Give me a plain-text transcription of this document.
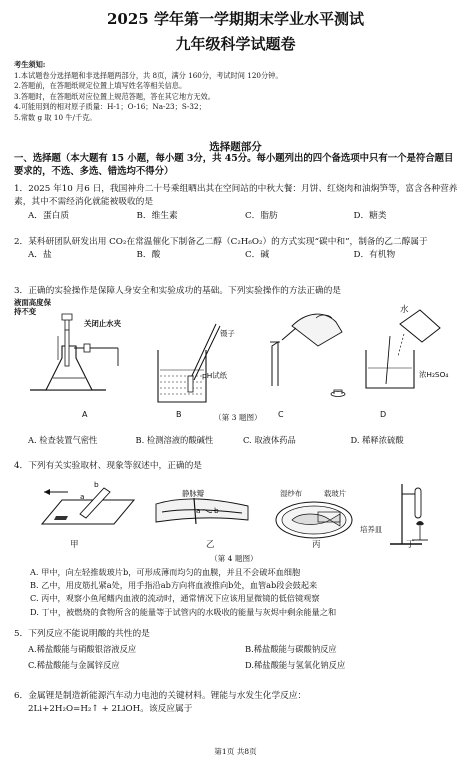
2025 学年第一学期期末学业水平测试
九年级科学试题卷
考生须知:
1.本试题卷分选择题和非选择题两部分，共 8页，满分 160分，考试时间 120分钟。
2.答题前，在答题纸规定位置上填写姓名等相关信息。
3.答题时，在答题纸对应位置上规范答题，答在其它地方无效。
4.可能用到的相对原子质量：H-1；O-16；Na-23；S-32；
5.常数 g 取 10 牛/千克。
选择题部分
一、选择题（本大题有 15 小题，每小题 3分，共 45分。每小题列出的四个备选项中只有一个是符合题目要求的，不选、多选、错选均不得分）
1．2025 年10 月6 日，我国神舟二十号乘组晒出其在空间站的中秋大餐：月饼、红烧肉和油焖笋等，富含各种营养素，其中不需经消化就能被吸收的是
A．蛋白质	B．维生素	C．脂肪	D．糖类
2．某科研团队研发出用 CO₂在常温催化下制备乙二醇（C₂H₆O₂）的方式实现“碳中和”，制备的乙二醇属于
A．盐	B．酸	C．碱	D．有机物
3．正确的实验操作是保障人身安全和实验成功的基础。下列实验操作的方法正确的是
液面高度保持不变
关闭止水夹
镊子
pH试纸
水
浓H₂SO₄
A	B	C	D
（第 3 题图）
A. 检查装置气密性	B. 检测溶液的酸碱性	C. 取液体药品	D. 稀释浓硫酸
4．下列有关实验取材、现象等叙述中，正确的是
a
b
静脉瓣
a b
湿纱布	载玻片
培养皿
甲	乙	丙	丁
（第 4 题图）
A. 甲中，向左轻推载玻片b，可形成薄而均匀的血膜，并且不会破坏血细胞
B. 乙中，用皮筋扎紧a处，用手指沿ab方向将血液推向b处，血管ab段会鼓起来
C. 丙中，观察小鱼尾鳍内血液的流动时，通常情况下应该用显微镜的低倍镜观察
D. 丁中，被燃烧的食物所含的能量等于试管内的水吸收的能量与灰烬中剩余能量之和
5．下列反应不能说明酸的共性的是
A.稀盐酸能与硝酸银溶液反应	B.稀盐酸能与碳酸钠反应
C.稀盐酸能与金属锌反应	D.稀盐酸能与氢氧化钠反应
6．金属锂是制造新能源汽车动力电池的关键材料。锂能与水发生化学反应：
2Li+2H₂O=H₂↑ + 2LiOH。该反应属于
第1页 共8页
